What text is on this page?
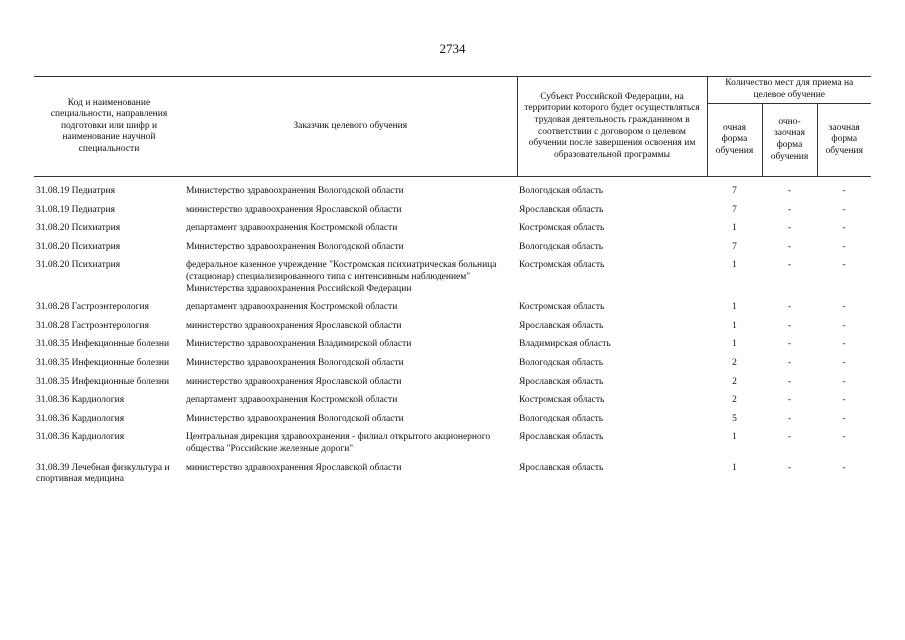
2734
Код и наименование специальности, направления подготовки или шифр и наименование научной специальности	Заказчик целевого обучения	Субъект Российской Федерации, на территории которого будет осуществляться трудовая деятельность гражданином в соответствии с договором о целевом обучении после завершения освоения им образовательной программы	Количество мест для приема на целевое обучение		
			очная форма обучения	очно-заочная форма обучения	заочная форма обучения

31.08.19 Педиатрия	Министерство здравоохранения Вологодской области	Вологодская область	7	-	-
31.08.19 Педиатрия	министерство здравоохранения Ярославской области	Ярославская область	7	-	-
31.08.20 Психиатрия	департамент здравоохранения Костромской области	Костромская область	1	-	-
31.08.20 Психиатрия	Министерство здравоохранения Вологодской области	Вологодская область	7	-	-
31.08.20 Психиатрия	федеральное казенное учреждение "Костромская психиатрическая больница (стационар) специализированного типа с интенсивным наблюдением" Министерства здравоохранения Российской Федерации	Костромская область	1	-	-
31.08.28 Гастроэнтерология	департамент здравоохранения Костромской области	Костромская область	1	-	-
31.08.28 Гастроэнтерология	министерство здравоохранения Ярославской области	Ярославская область	1	-	-
31.08.35 Инфекционные болезни	Министерство здравоохранения Владимирской области	Владимирская область	1	-	-
31.08.35 Инфекционные болезни	Министерство здравоохранения Вологодской области	Вологодская область	2	-	-
31.08.35 Инфекционные болезни	министерство здравоохранения Ярославской области	Ярославская область	2	-	-
31.08.36 Кардиология	департамент здравоохранения Костромской области	Костромская область	2	-	-
31.08.36 Кардиология	Министерство здравоохранения Вологодской области	Вологодская область	5	-	-
31.08.36 Кардиология	Центральная дирекция здравоохранения - филиал открытого акционерного общества "Российские железные дороги"	Ярославская область	1	-	-
31.08.39 Лечебная физкультура и спортивная медицина	министерство здравоохранения Ярославской области	Ярославская область	1	-	-
